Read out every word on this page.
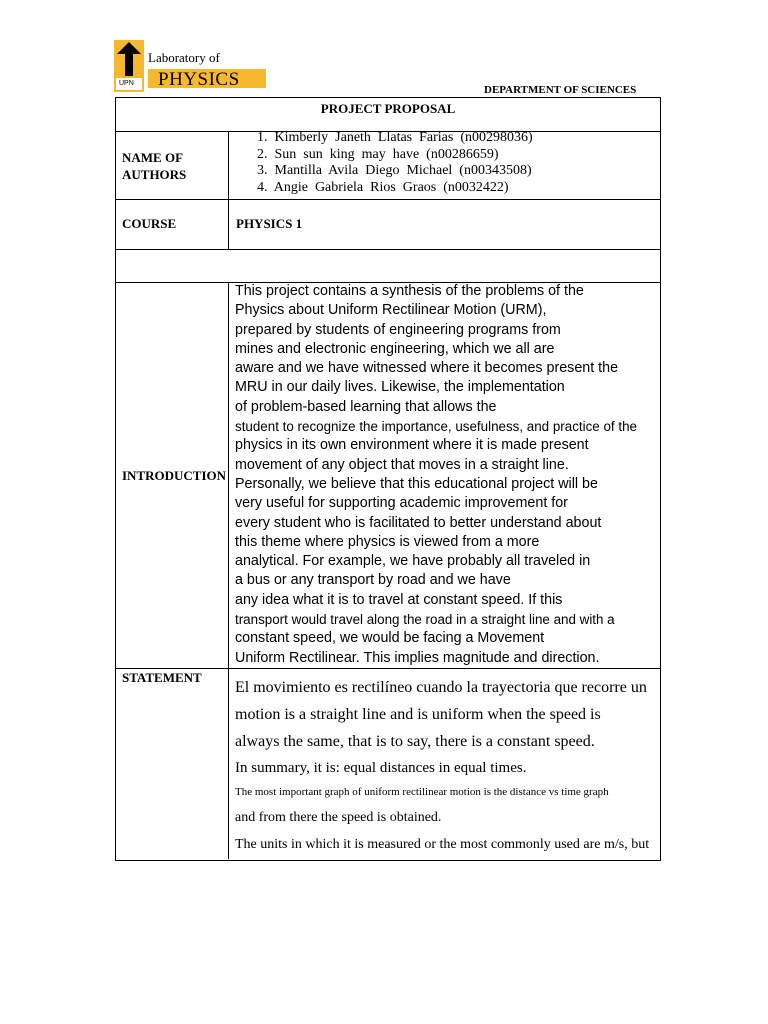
UPN
Laboratory of
PHYSICS	DEPARTMENT OF SCIENCES
PROJECT PROPOSAL
NAME OF
AUTHORS
COURSE	PHYSICS 1
INTRODUCTION
STATEMENT
1.  Kimberly  Janeth  Llatas  Farias  (n00298036)
2.  Sun  sun  king  may  have  (n00286659)
3.  Mantilla  Avila  Diego  Michael  (n00343508)
4.  Angie  Gabriela  Rios  Graos  (n0032422)
This project contains a synthesis of the problems of the
Physics about Uniform Rectilinear Motion (URM),
prepared by students of engineering programs from
mines and electronic engineering, which we all are
aware and we have witnessed where it becomes present the
MRU in our daily lives. Likewise, the implementation
of problem-based learning that allows the
student to recognize the importance, usefulness, and practice of the
physics in its own environment where it is made present
movement of any object that moves in a straight line.
Personally, we believe that this educational project will be
very useful for supporting academic improvement for
every student who is facilitated to better understand about
this theme where physics is viewed from a more
analytical. For example, we have probably all traveled in
a bus or any transport by road and we have
any idea what it is to travel at constant speed. If this
transport would travel along the road in a straight line and with a
constant speed, we would be facing a Movement
Uniform Rectilinear. This implies magnitude and direction.
El movimiento es rectilíneo cuando la trayectoria que recorre un
motion is a straight line and is uniform when the speed is
always the same, that is to say, there is a constant speed.
In summary, it is: equal distances in equal times.
The most important graph of uniform rectilinear motion is the distance vs time graph
and from there the speed is obtained.
The units in which it is measured or the most commonly used are m/s, but
